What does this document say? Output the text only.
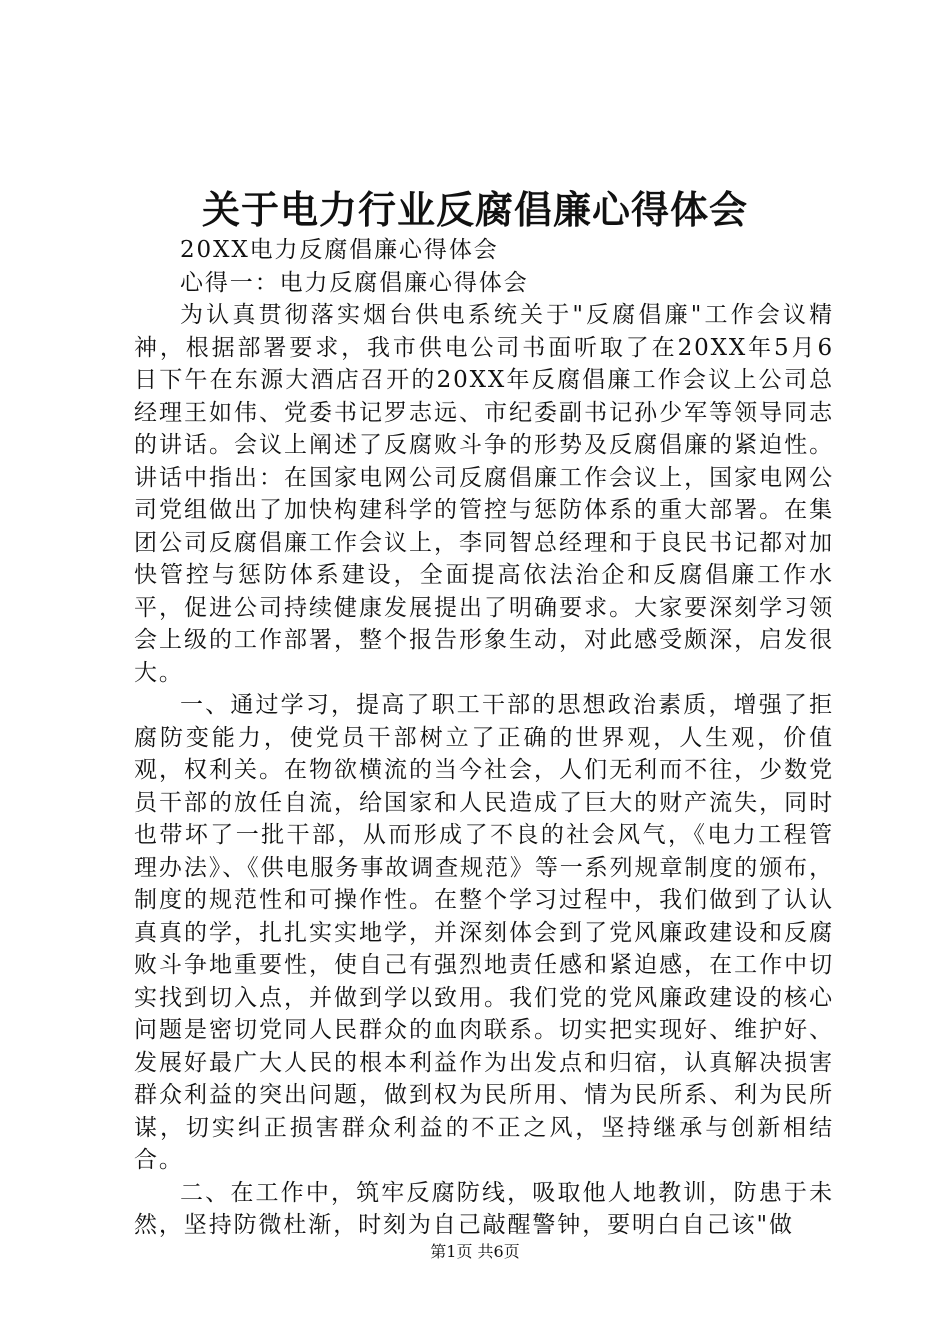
关于电力行业反腐倡廉心得体会

20XX电力反腐倡廉心得体会

心得一：电力反腐倡廉心得体会

为认真贯彻落实烟台供电系统关于"反腐倡廉"工作会议精神，根据部署要求，我市供电公司书面听取了在20XX年5月6日下午在东源大酒店召开的20XX年反腐倡廉工作会议上公司总经理王如伟、党委书记罗志远、市纪委副书记孙少军等领导同志的讲话。会议上阐述了反腐败斗争的形势及反腐倡廉的紧迫性。讲话中指出：在国家电网公司反腐倡廉工作会议上，国家电网公司党组做出了加快构建科学的管控与惩防体系的重大部署。在集团公司反腐倡廉工作会议上，李同智总经理和于良民书记都对加快管控与惩防体系建设，全面提高依法治企和反腐倡廉工作水平，促进公司持续健康发展提出了明确要求。大家要深刻学习领会上级的工作部署，整个报告形象生动，对此感受颇深，启发很大。

一、通过学习，提高了职工干部的思想政治素质，增强了拒腐防变能力，使党员干部树立了正确的世界观，人生观，价值观，权利关。在物欲横流的当今社会，人们无利而不往，少数党员干部的放任自流，给国家和人民造成了巨大的财产流失，同时也带坏了一批干部，从而形成了不良的社会风气，《电力工程管理办法》、《供电服务事故调查规范》等一系列规章制度的颁布，制度的规范性和可操作性。在整个学习过程中，我们做到了认认真真的学，扎扎实实地学，并深刻体会到了党风廉政建设和反腐败斗争地重要性，使自己有强烈地责任感和紧迫感，在工作中切实找到切入点，并做到学以致用。我们党的党风廉政建设的核心问题是密切党同人民群众的血肉联系。切实把实现好、维护好、发展好最广大人民的根本利益作为出发点和归宿，认真解决损害群众利益的突出问题，做到权为民所用、情为民所系、利为民所谋，切实纠正损害群众利益的不正之风，坚持继承与创新相结合。

二、在工作中，筑牢反腐防线，吸取他人地教训，防患于未然，坚持防微杜渐，时刻为自己敲醒警钟，要明白自己该"做

第1页 共6页
